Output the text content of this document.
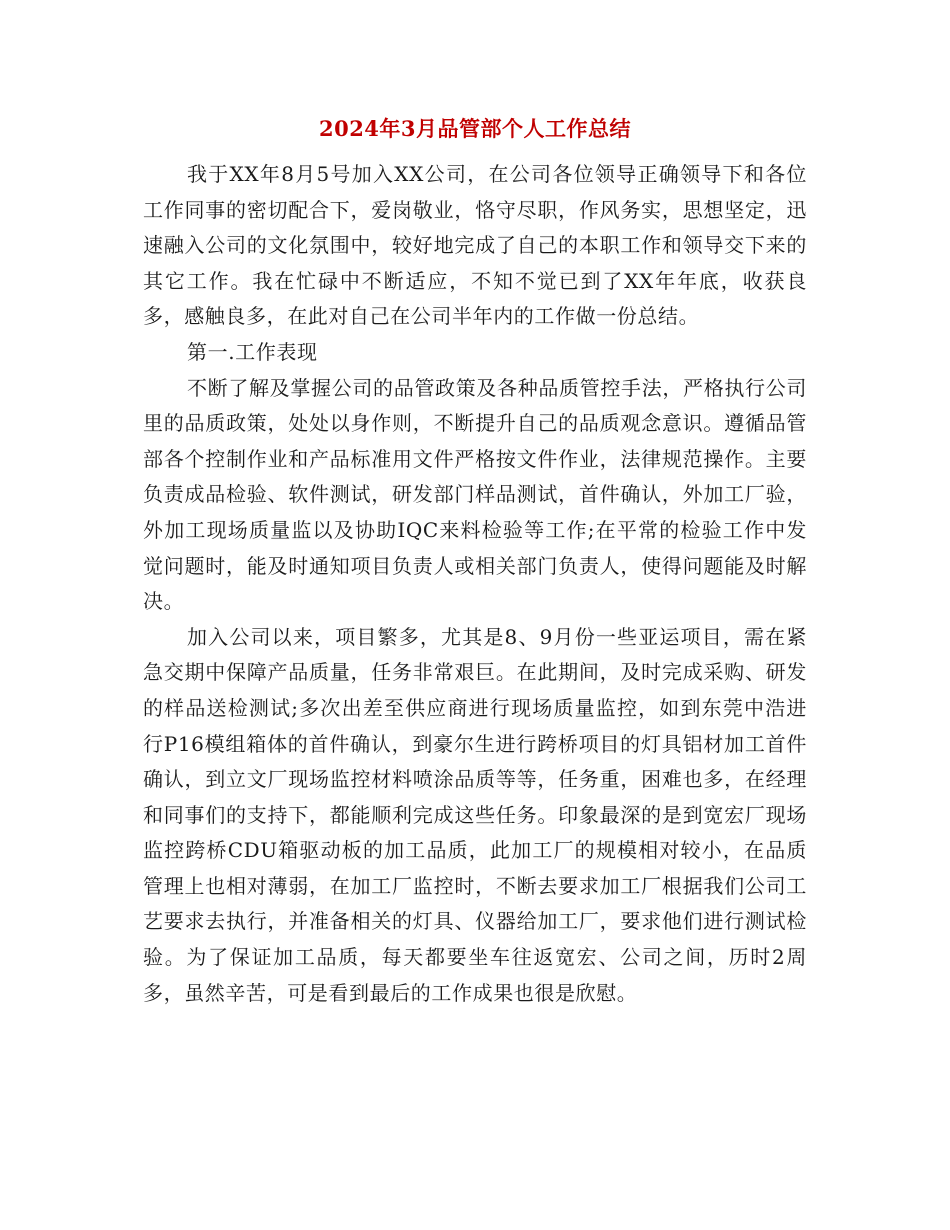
2024年3月品管部个人工作总结

我于XX年8月5号加入XX公司，在公司各位领导正确领导下和各位工作同事的密切配合下，爱岗敬业，恪守尽职，作风务实，思想坚定，迅速融入公司的文化氛围中，较好地完成了自己的本职工作和领导交下来的其它工作。我在忙碌中不断适应，不知不觉已到了XX年年底，收获良多，感触良多，在此对自己在公司半年内的工作做一份总结。

第一.工作表现

不断了解及掌握公司的品管政策及各种品质管控手法，严格执行公司里的品质政策，处处以身作则，不断提升自己的品质观念意识。遵循品管部各个控制作业和产品标准用文件严格按文件作业，法律规范操作。主要负责成品检验、软件测试，研发部门样品测试，首件确认，外加工厂验，外加工现场质量监以及协助IQC来料检验等工作;在平常的检验工作中发觉问题时，能及时通知项目负责人或相关部门负责人，使得问题能及时解决。

加入公司以来，项目繁多，尤其是8、9月份一些亚运项目，需在紧急交期中保障产品质量，任务非常艰巨。在此期间，及时完成采购、研发的样品送检测试;多次出差至供应商进行现场质量监控，如到东莞中浩进行P16模组箱体的首件确认，到豪尔生进行跨桥项目的灯具铝材加工首件确认，到立文厂现场监控材料喷涂品质等等，任务重，困难也多，在经理和同事们的支持下，都能顺利完成这些任务。印象最深的是到宽宏厂现场监控跨桥CDU箱驱动板的加工品质，此加工厂的规模相对较小，在品质管理上也相对薄弱，在加工厂监控时，不断去要求加工厂根据我们公司工艺要求去执行，并准备相关的灯具、仪器给加工厂，要求他们进行测试检验。为了保证加工品质，每天都要坐车往返宽宏、公司之间，历时2周多，虽然辛苦，可是看到最后的工作成果也很是欣慰。
